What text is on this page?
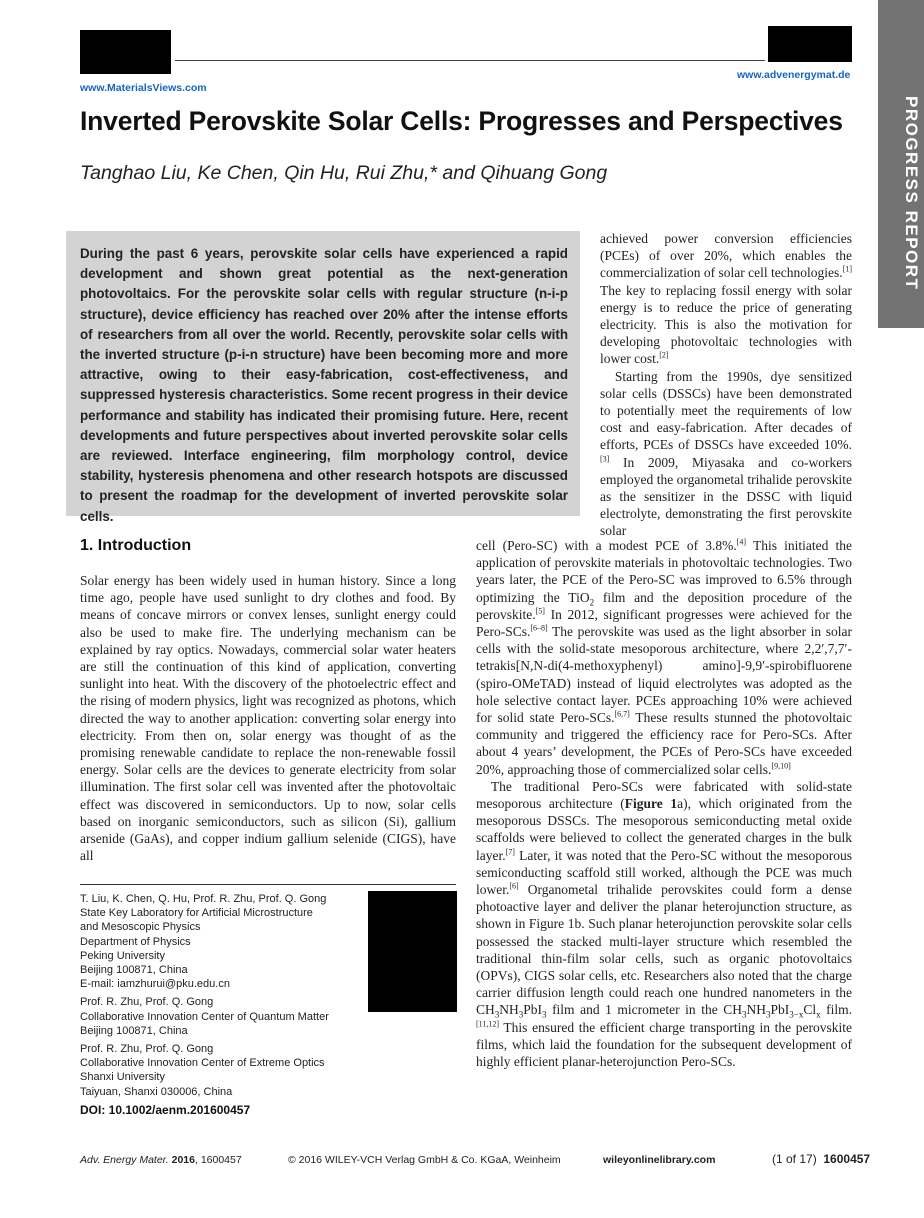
www.MaterialsViews.com
www.advenergymat.de
PROGRESS REPORT
Inverted Perovskite Solar Cells: Progresses and Perspectives
Tanghao Liu, Ke Chen, Qin Hu, Rui Zhu,* and Qihuang Gong

During the past 6 years, perovskite solar cells have experienced a rapid development and shown great potential as the next-generation photovoltaics. For the perovskite solar cells with regular structure (n-i-p structure), device efficiency has reached over 20% after the intense efforts of researchers from all over the world. Recently, perovskite solar cells with the inverted structure (p-i-n structure) have been becoming more and more attractive, owing to their easy-fabrication, cost-effectiveness, and suppressed hysteresis characteristics. Some recent progress in their device performance and stability has indicated their promising future. Here, recent developments and future perspectives about inverted perovskite solar cells are reviewed. Interface engineering, film morphology control, device stability, hysteresis phenomena and other research hotspots are discussed to present the roadmap for the development of inverted perovskite solar cells.

achieved power conversion efficiencies (PCEs) of over 20%, which enables the commercialization of solar cell technologies.[1] The key to replacing fossil energy with solar energy is to reduce the price of generating electricity. This is also the motivation for developing photovoltaic technologies with lower cost.[2]

Starting from the 1990s, dye sensitized solar cells (DSSCs) have been demonstrated to potentially meet the requirements of low cost and easy-fabrication. After decades of efforts, PCEs of DSSCs have exceeded 10%.[3] In 2009, Miyasaka and co-workers employed the organometal trihalide perovskite as the sensitizer in the DSSC with liquid electrolyte, demonstrating the first perovskite solar

1. Introduction

Solar energy has been widely used in human history. Since a long time ago, people have used sunlight to dry clothes and food. By means of concave mirrors or convex lenses, sunlight energy could also be used to make fire. The underlying mechanism can be explained by ray optics. Nowadays, commercial solar water heaters are still the continuation of this kind of application, converting sunlight into heat. With the discovery of the photoelectric effect and the rising of modern physics, light was recognized as photons, which directed the way to another application: converting solar energy into electricity. From then on, solar energy was thought of as the promising renewable candidate to replace the non-renewable fossil energy. Solar cells are the devices to generate electricity from solar illumination. The first solar cell was invented after the photovoltaic effect was discovered in semiconductors. Up to now, solar cells based on inorganic semiconductors, such as silicon (Si), gallium arsenide (GaAs), and copper indium gallium selenide (CIGS), have all

cell (Pero-SC) with a modest PCE of 3.8%.[4] This initiated the application of perovskite materials in photovoltaic technologies. Two years later, the PCE of the Pero-SC was improved to 6.5% through optimizing the TiO$_2$ film and the deposition procedure of the perovskite.[5] In 2012, significant progresses were achieved for the Pero-SCs.[6–8] The perovskite was used as the light absorber in solar cells with the solid-state mesoporous architecture, where 2,2′,7,7′-tetrakis[N,N-di(4-methoxyphenyl) amino]-9,9′-spirobifluorene (spiro-OMeTAD) instead of liquid electrolytes was adopted as the hole selective contact layer. PCEs approaching 10% were achieved for solid state Pero-SCs.[6,7] These results stunned the photovoltaic community and triggered the efficiency race for Pero-SCs. After about 4 years’ development, the PCEs of Pero-SCs have exceeded 20%, approaching those of commercialized solar cells.[9,10]

The traditional Pero-SCs were fabricated with solid-state mesoporous architecture (Figure 1a), which originated from the mesoporous DSSCs. The mesoporous semiconducting metal oxide scaffolds were believed to collect the generated charges in the bulk layer.[7] Later, it was noted that the Pero-SC without the mesoporous semiconducting scaffold still worked, although the PCE was much lower.[6] Organometal trihalide perovskites could form a dense photoactive layer and deliver the planar heterojunction structure, as shown in Figure 1b. Such planar heterojunction perovskite solar cells possessed the stacked multi-layer structure which resembled the traditional thin-film solar cells, such as organic photovoltaics (OPVs), CIGS solar cells, etc. Researchers also noted that the charge carrier diffusion length could reach one hundred nanometers in the $CH_3NH_3PbI_3$ film and 1 micrometer in the $CH_3NH_3PbI_{3-x}Cl_x$ film.[11,12] This ensured the efficient charge transporting in the perovskite films, which laid the foundation for the subsequent development of highly efficient planar-heterojunction Pero-SCs.

T. Liu, K. Chen, Q. Hu, Prof. R. Zhu, Prof. Q. Gong
State Key Laboratory for Artificial Microstructure
and Mesoscopic Physics
Department of Physics
Peking University
Beijing 100871, China
E-mail: iamzhurui@pku.edu.cn

Prof. R. Zhu, Prof. Q. Gong
Collaborative Innovation Center of Quantum Matter
Beijing 100871, China

Prof. R. Zhu, Prof. Q. Gong
Collaborative Innovation Center of Extreme Optics
Shanxi University
Taiyuan, Shanxi 030006, China

DOI: 10.1002/aenm.201600457
Adv. Energy Mater. 2016, 1600457	© 2016 WILEY-VCH Verlag GmbH & Co. KGaA, Weinheim	wileyonlinelibrary.com	(1 of 17) 1600457
